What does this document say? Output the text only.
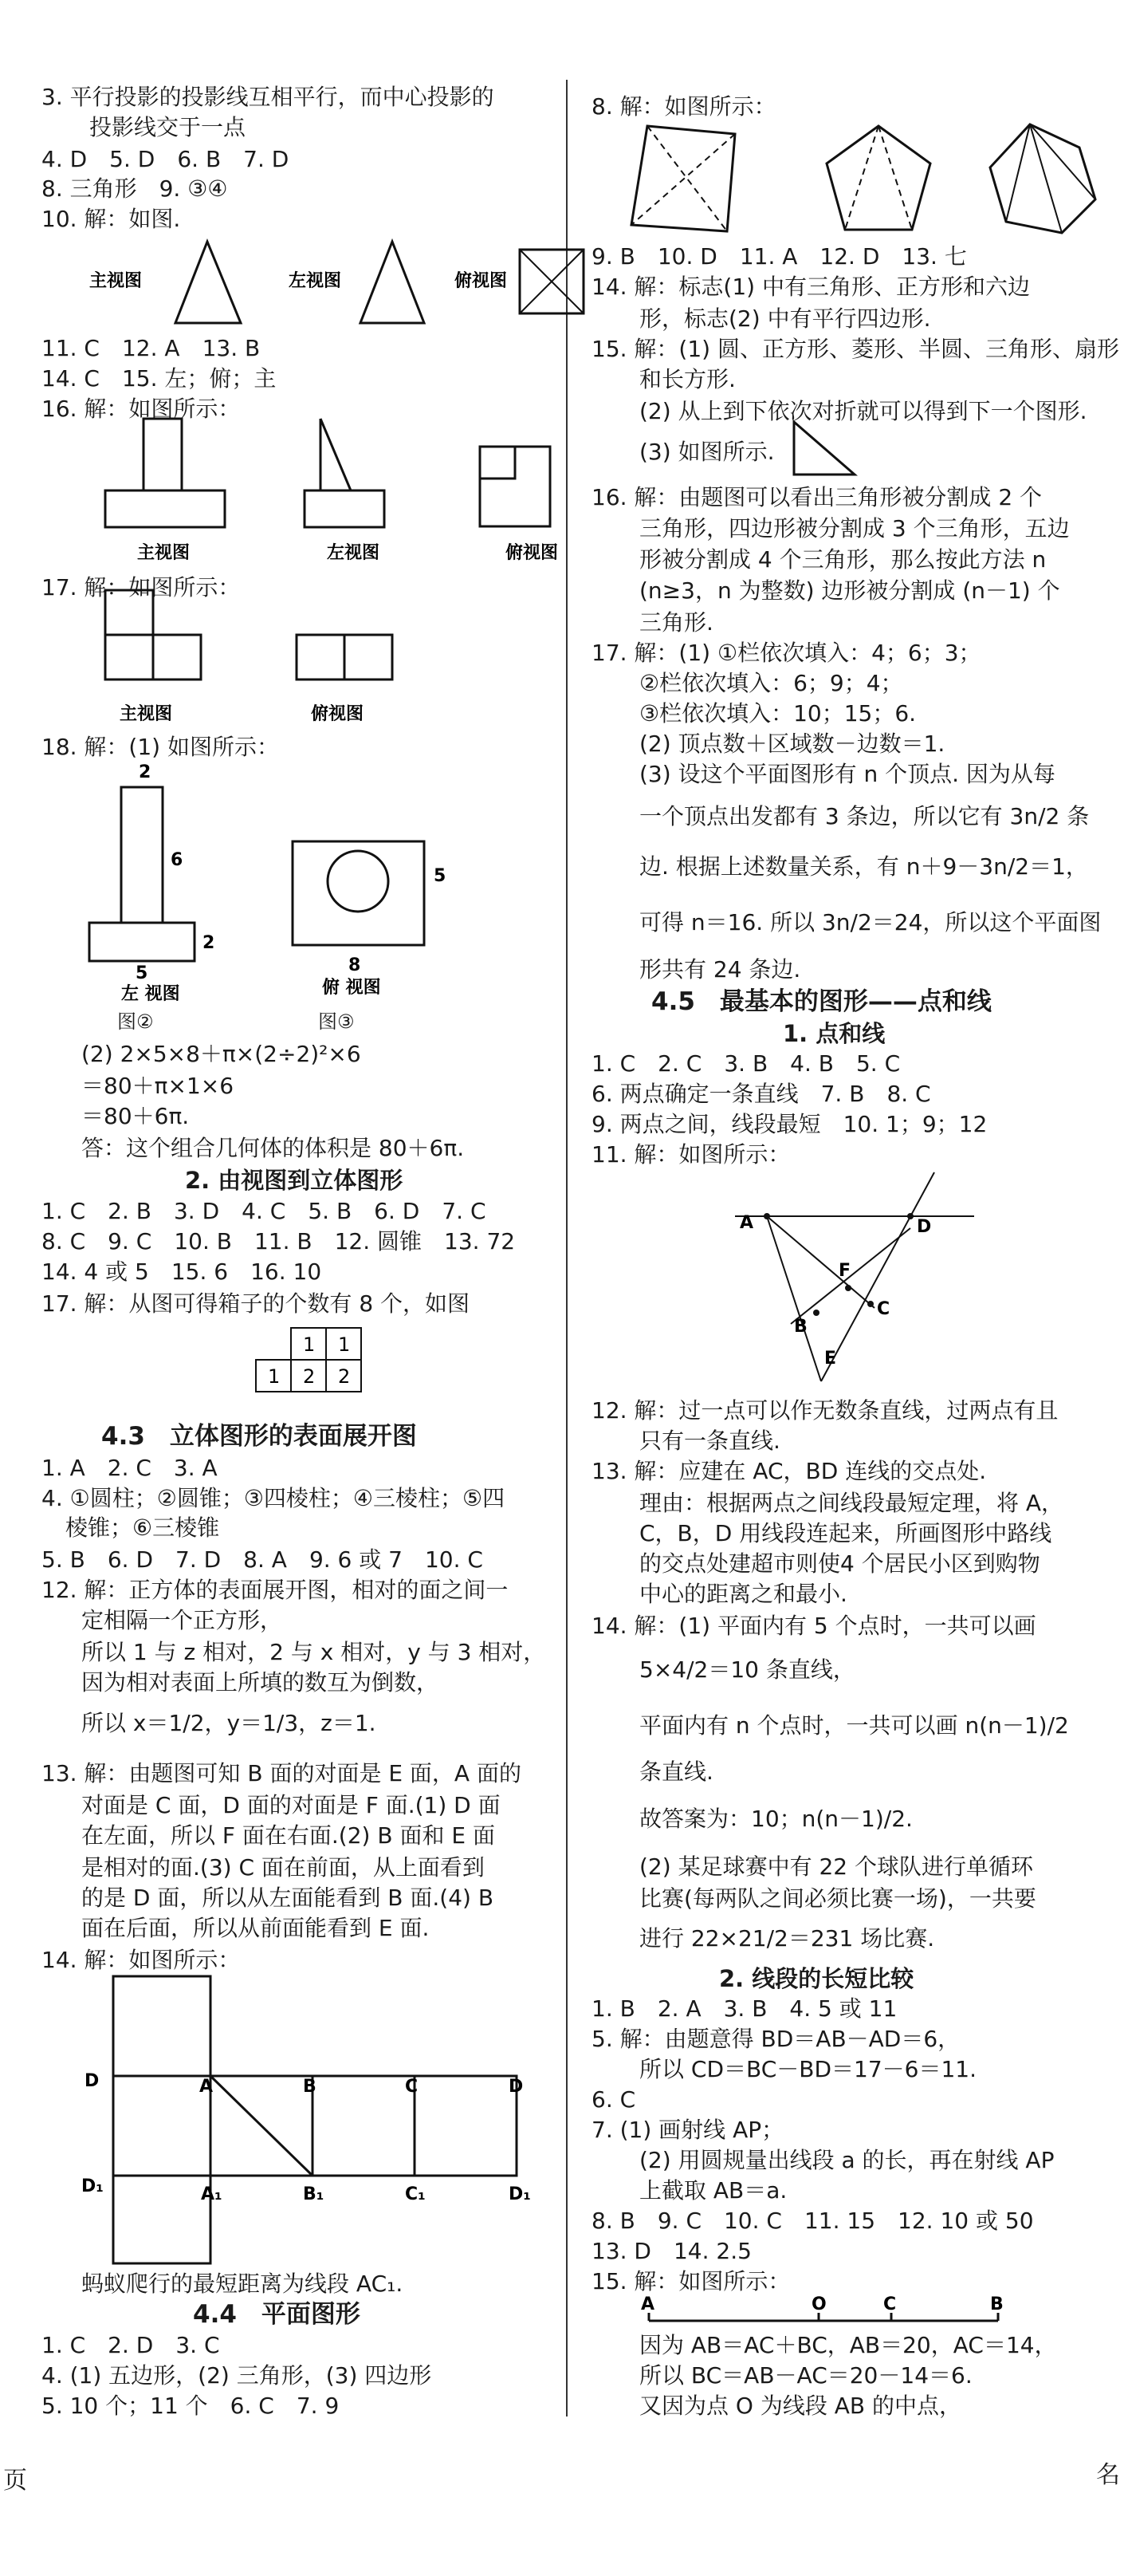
3. 平行投影的投影线互相平行，而中心投影的
投影线交于一点
4. D　5. D　6. B　7. D
8. 三角形　9. ③④
10. 解：如图.
主视图	左视图	俯视图
11. C　12. A　13. B
14. C　15. 左；俯；主
16. 解：如图所示：
主视图	左视图	俯视图
17. 解：如图所示：
主视图	俯视图
18. 解：(1) 如图所示：
2
6
2
5
左 视图
5
8
俯 视图
图②	图③
(2) 2×5×8＋π×(2÷2)²×6
＝80＋π×1×6
＝80＋6π.
答：这个组合几何体的体积是 80＋6π.
2. 由视图到立体图形
1. C　2. B　3. D　4. C　5. B　6. D　7. C
8. C　9. C　10. B　11. B　12. 圆锥　13. 72
14. 4 或 5　15. 6　16. 10
17. 解：从图可得箱子的个数有 8 个，如图
1 1
1 2 2
4.3　立体图形的表面展开图
1. A　2. C　3. A
4. ①圆柱；②圆锥；③四棱柱；④三棱柱；⑤四
棱锥；⑥三棱锥
5. B　6. D　7. D　8. A　9. 6 或 7　10. C
12. 解：正方体的表面展开图，相对的面之间一
定相隔一个正方形，
所以 1 与 z 相对，2 与 x 相对，y 与 3 相对，
因为相对表面上所填的数互为倒数，
所以 x＝1/2，y＝1/3，z＝1.
13. 解：由题图可知 B 面的对面是 E 面，A 面的
对面是 C 面，D 面的对面是 F 面.(1) D 面
在左面，所以 F 面在右面.(2) B 面和 E 面
是相对的面.(3) C 面在前面，从上面看到
的是 D 面，所以从左面能看到 B 面.(4) B
面在后面，所以从前面能看到 E 面.
14. 解：如图所示：
D	A	B	C	D
D₁	A₁	B₁	C₁	D₁
蚂蚁爬行的最短距离为线段 AC₁.
4.4　平面图形
1. C　2. D　3. C
4. (1) 五边形，(2) 三角形，(3) 四边形
5. 10 个；11 个　6. C　7. 9
8. 解：如图所示：
9. B　10. D　11. A　12. D　13. 七
14. 解：标志(1) 中有三角形、正方形和六边
形，标志(2) 中有平行四边形.
15. 解：(1) 圆、正方形、菱形、半圆、三角形、扇形
和长方形.
(2) 从上到下依次对折就可以得到下一个图形.
(3) 如图所示.
16. 解：由题图可以看出三角形被分割成 2 个
三角形，四边形被分割成 3 个三角形，五边
形被分割成 4 个三角形，那么按此方法 n
(n≥3，n 为整数) 边形被分割成 (n－1) 个
三角形.
17. 解：(1) ①栏依次填入：4；6；3；
②栏依次填入：6；9；4；
③栏依次填入：10；15；6.
(2) 顶点数＋区域数－边数＝1.
(3) 设这个平面图形有 n 个顶点. 因为从每
一个顶点出发都有 3 条边，所以它有 3n/2 条
边. 根据上述数量关系，有 n＋9－3n/2＝1，
可得 n＝16. 所以 3n/2＝24，所以这个平面图
形共有 24 条边.
4.5　最基本的图形——点和线
1. 点和线
1. C　2. C　3. B　4. B　5. C
6. 两点确定一条直线　7. B　8. C
9. 两点之间，线段最短　10. 1；9；12
11. 解：如图所示：
A	D
F
B
C
E
12. 解：过一点可以作无数条直线，过两点有且
只有一条直线.
13. 解：应建在 AC，BD 连线的交点处.
理由：根据两点之间线段最短定理，将 A，
C，B，D 用线段连起来，所画图形中路线
的交点处建超市则使4 个居民小区到购物
中心的距离之和最小.
14. 解：(1) 平面内有 5 个点时，一共可以画
5×4/2＝10 条直线，
平面内有 n 个点时，一共可以画 n(n－1)/2
条直线.
故答案为：10；n(n－1)/2.
(2) 某足球赛中有 22 个球队进行单循环
比赛(每两队之间必须比赛一场)，一共要
进行 22×21/2＝231 场比赛.
2. 线段的长短比较
1. B　2. A　3. B　4. 5 或 11
5. 解：由题意得 BD＝AB－AD＝6，
所以 CD＝BC－BD＝17－6＝11.
6. C
7. (1) 画射线 AP；
(2) 用圆规量出线段 a 的长，再在射线 AP
上截取 AB＝a.
8. B　9. C　10. C　11. 15　12. 10 或 50
13. D　14. 2.5
15. 解：如图所示：
A	O	C	B
因为 AB＝AC＋BC，AB＝20，AC＝14，
所以 BC＝AB－AC＝20－14＝6.
又因为点 O 为线段 AB 的中点，
页	名
